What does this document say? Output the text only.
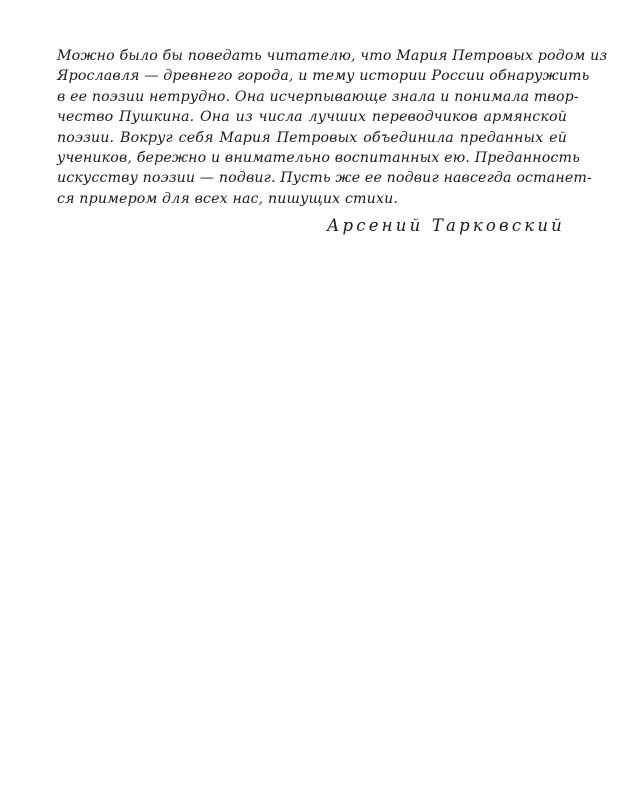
Можно было бы поведать читателю, что Мария Петровых родом из
Ярославля — древнего города, и тему истории России обнаружить
в ее поэзии нетрудно. Она исчерпывающе знала и понимала твор-
чество Пушкина. Она из числа лучших переводчиков армянской
поэзии. Вокруг себя Мария Петровых объединила преданных ей
учеников, бережно и внимательно воспитанных ею. Преданность
искусству поэзии — подвиг. Пусть же ее подвиг навсегда останет-
ся примером для всех нас, пишущих стихи.
Арсений Тарковский
